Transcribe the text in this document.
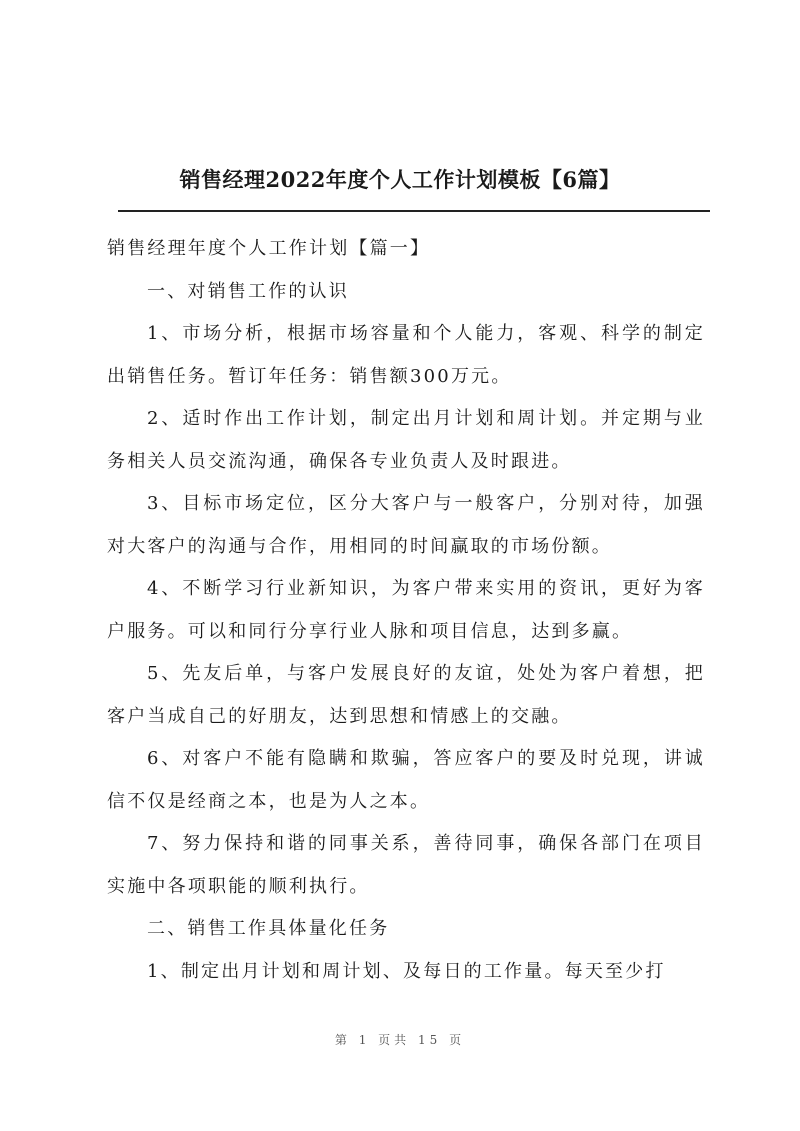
销售经理2022年度个人工作计划模板【6篇】

销售经理年度个人工作计划【篇一】

一、对销售工作的认识

1、市场分析，根据市场容量和个人能力，客观、科学的制定出销售任务。暂订年任务：销售额300万元。

2、适时作出工作计划，制定出月计划和周计划。并定期与业务相关人员交流沟通，确保各专业负责人及时跟进。

3、目标市场定位，区分大客户与一般客户，分别对待，加强对大客户的沟通与合作，用相同的时间赢取的市场份额。

4、不断学习行业新知识，为客户带来实用的资讯，更好为客户服务。可以和同行分享行业人脉和项目信息，达到多赢。

5、先友后单，与客户发展良好的友谊，处处为客户着想，把客户当成自己的好朋友，达到思想和情感上的交融。

6、对客户不能有隐瞒和欺骗，答应客户的要及时兑现，讲诚信不仅是经商之本，也是为人之本。

7、努力保持和谐的同事关系，善待同事，确保各部门在项目实施中各项职能的顺利执行。

二、销售工作具体量化任务

1、制定出月计划和周计划、及每日的工作量。每天至少打

第 1 页共 15 页
